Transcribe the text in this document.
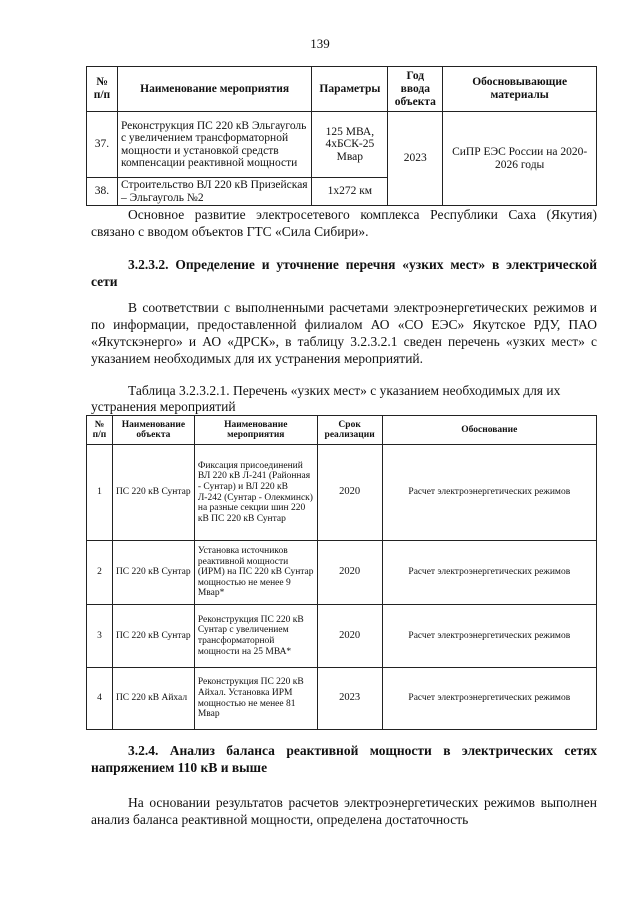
139
№ п/п	Наименование мероприятия	Параметры	Год ввода объекта	Обосновывающие материалы
37.	Реконструкция ПС 220 кВ Эльгауголь с увеличением трансформаторной мощности и установкой средств компенсации реактивной мощности	125 МВА, 4хБСК-25 Мвар	2023	СиПР ЕЭС России на 2020-2026 годы
38.	Строительство ВЛ 220 кВ Призейская – Эльгауголь №2	1х272 км		

Основное развитие электросетевого комплекса Республики Саха (Якутия) связано с вводом объектов ГТС «Сила Сибири».

3.2.3.2. Определение и уточнение перечня «узких мест» в электрической сети

В соответствии с выполненными расчетами электроэнергетических режимов и по информации, предоставленной филиалом АО «СО ЕЭС» Якутское РДУ, ПАО «Якутскэнерго» и АО «ДРСК», в таблицу 3.2.3.2.1 сведен перечень «узких мест» с указанием необходимых для их устранения мероприятий.

Таблица 3.2.3.2.1. Перечень «узких мест» с указанием необходимых для их устранения мероприятий

№ п/п	Наименование объекта	Наименование мероприятия	Срок реализации	Обоснование
1	ПС 220 кВ Сунтар	Фиксация присоединений ВЛ 220 кВ Л-241 (Районная - Сунтар) и ВЛ 220 кВ Л-242 (Сунтар - Олекминск) на разные секции шин 220 кВ ПС 220 кВ Сунтар	2020	Расчет электроэнергетических режимов
2	ПС 220 кВ Сунтар	Установка источников реактивной мощности (ИРМ) на ПС 220 кВ Сунтар мощностью не менее 9 Мвар*	2020	Расчет электроэнергетических режимов
3	ПС 220 кВ Сунтар	Реконструкция ПС 220 кВ Сунтар с увеличением трансформаторной мощности на 25 МВА*	2020	Расчет электроэнергетических режимов
4	ПС 220 кВ Айхал	Реконструкция ПС 220 кВ Айхал. Установка ИРМ мощностью не менее 81 Мвар	2023	Расчет электроэнергетических режимов

3.2.4. Анализ баланса реактивной мощности в электрических сетях напряжением 110 кВ и выше

На основании результатов расчетов электроэнергетических режимов выполнен анализ баланса реактивной мощности, определена достаточность
